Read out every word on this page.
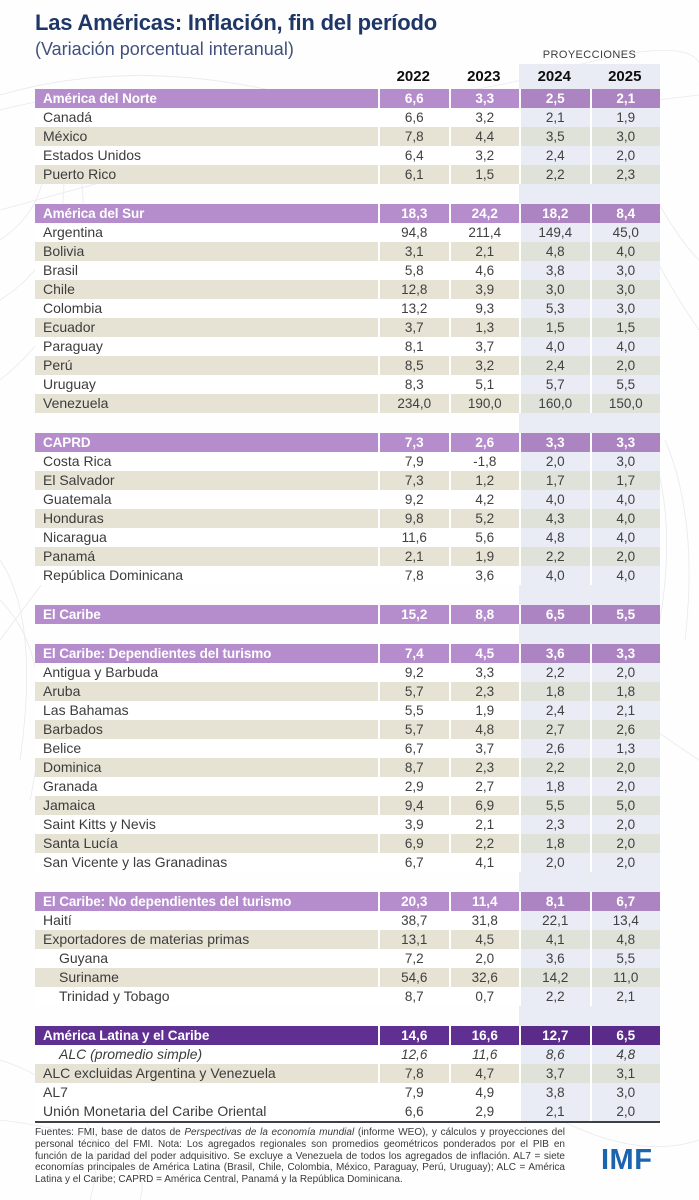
Las Américas: Inflación, fin del período
(Variación porcentual interanual)	PROYECCIONES
2022	2023	2024	2025
América del Norte	6,6	3,3	2,5	2,1
Canadá	6,6	3,2	2,1	1,9
México	7,8	4,4	3,5	3,0
Estados Unidos	6,4	3,2	2,4	2,0
Puerto Rico	6,1	1,5	2,2	2,3
América del Sur	18,3	24,2	18,2	8,4
Argentina	94,8	211,4	149,4	45,0
Bolivia	3,1	2,1	4,8	4,0
Brasil	5,8	4,6	3,8	3,0
Chile	12,8	3,9	3,0	3,0
Colombia	13,2	9,3	5,3	3,0
Ecuador	3,7	1,3	1,5	1,5
Paraguay	8,1	3,7	4,0	4,0
Perú	8,5	3,2	2,4	2,0
Uruguay	8,3	5,1	5,7	5,5
Venezuela	234,0	190,0	160,0	150,0
CAPRD	7,3	2,6	3,3	3,3
Costa Rica	7,9	-1,8	2,0	3,0
El Salvador	7,3	1,2	1,7	1,7
Guatemala	9,2	4,2	4,0	4,0
Honduras	9,8	5,2	4,3	4,0
Nicaragua	11,6	5,6	4,8	4,0
Panamá	2,1	1,9	2,2	2,0
República Dominicana	7,8	3,6	4,0	4,0
El Caribe	15,2	8,8	6,5	5,5
El Caribe: Dependientes del turismo	7,4	4,5	3,6	3,3
Antigua y Barbuda	9,2	3,3	2,2	2,0
Aruba	5,7	2,3	1,8	1,8
Las Bahamas	5,5	1,9	2,4	2,1
Barbados	5,7	4,8	2,7	2,6
Belice	6,7	3,7	2,6	1,3
Dominica	8,7	2,3	2,2	2,0
Granada	2,9	2,7	1,8	2,0
Jamaica	9,4	6,9	5,5	5,0
Saint Kitts y Nevis	3,9	2,1	2,3	2,0
Santa Lucía	6,9	2,2	1,8	2,0
San Vicente y las Granadinas	6,7	4,1	2,0	2,0
El Caribe: No dependientes del turismo	20,3	11,4	8,1	6,7
Haití	38,7	31,8	22,1	13,4
Exportadores de materias primas	13,1	4,5	4,1	4,8
Guyana	7,2	2,0	3,6	5,5
Suriname	54,6	32,6	14,2	11,0
Trinidad y Tobago	8,7	0,7	2,2	2,1
América Latina y el Caribe	14,6	16,6	12,7	6,5
ALC (promedio simple)	12,6	11,6	8,6	4,8
ALC excluidas Argentina y Venezuela	7,8	4,7	3,7	3,1
AL7	7,9	4,9	3,8	3,0
Unión Monetaria del Caribe Oriental	6,6	2,9	2,1	2,0
Fuentes: FMI, base de datos de Perspectivas de la economía mundial (informe WEO), y cálculos y proyecciones del personal técnico del FMI. Nota: Los agregados regionales son promedios geométricos ponderados por el PIB en función de la paridad del poder adquisitivo. Se excluye a Venezuela de todos los agregados de inflación. AL7 = siete economías principales de América Latina (Brasil, Chile, Colombia, México, Paraguay, Perú, Uruguay); ALC = América Latina y el Caribe; CAPRD = América Central, Panamá y la República Dominicana.
IMF
